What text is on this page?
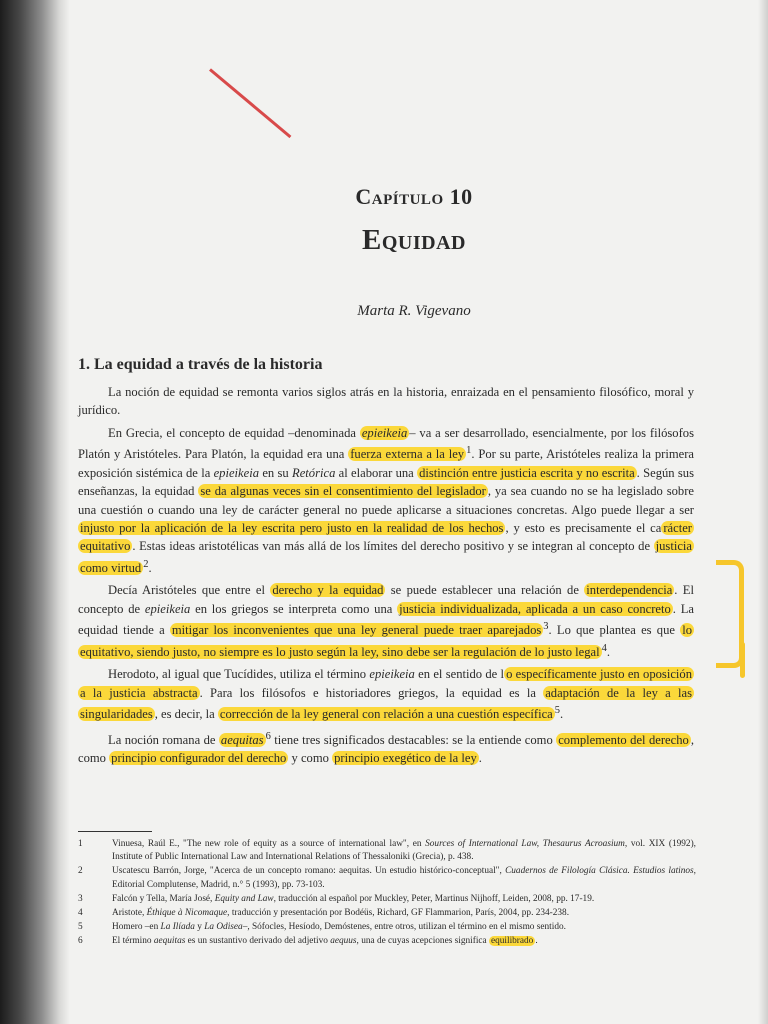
Capítulo 10
Equidad
Marta R. Vigevano
1. La equidad a través de la historia

La noción de equidad se remonta varios siglos atrás en la historia, enraizada en el pensamiento filosófico, moral y jurídico.

En Grecia, el concepto de equidad –denominada epieikeia – va a ser desarrollado, esencialmente, por los filósofos Platón y Aristóteles. Para Platón, la equidad era una fuerza externa a la ley $^1$. Por su parte, Aristóteles realiza la primera exposición sistémica de la epieikeia en su Retórica al elaborar una distinción entre justicia escrita y no escrita . Según sus enseñanzas, la equidad se da algunas veces sin el consentimiento del legislador , ya sea cuando no se ha legislado sobre una cuestión o cuando una ley de carácter general no puede aplicarse a situaciones concretas. Algo puede llegar a ser injusto por la aplicación de la ley escrita pero justo en la realidad de los hechos , y esto es precisamente el ca rácter equitativo . Estas ideas aristotélicas van más allá de los límites del derecho positivo y se integran al concepto de justicia como virtud $^2$.

Decía Aristóteles que entre el derecho y la equidad se puede establecer una relación de interdependencia . El concepto de epieikeia en los griegos se interpreta como una justicia individualizada, aplicada a un caso concreto . La equidad tiende a mitigar los inconvenientes que una ley general puede traer aparejados $^3$. Lo que plantea es que lo equitativo, siendo justo, no siempre es lo justo según la ley, sino debe ser la regulación de lo justo legal $^4$.

Herodoto, al igual que Tucídides, utiliza el término epieikeia en el sentido de l o específicamente justo en oposición a la justicia abstracta . Para los filósofos e historiadores griegos, la equidad es la adaptación de la ley a las singularidades , es decir, la corrección de la ley general con relación a una cuestión específica $^5$.

La noción romana de aequitas $^6$ tiene tres significados destacables: se la entiende como complemento del derecho , como principio configurador del derecho y como principio exegético de la ley .

1	Vinuesa, Raúl E., "The new role of equity as a source of international law", en Sources of International Law, Thesaurus Acroasium, vol. XIX (1992), Institute of Public International Law and International Relations of Thessaloniki (Grecia), p. 438.
2	Uscatescu Barrón, Jorge, "Acerca de un concepto romano: aequitas. Un estudio histórico-conceptual", Cuadernos de Filología Clásica. Estudios latinos, Editorial Complutense, Madrid, n.° 5 (1993), pp. 73-103.
3	Falcón y Tella, María José, Equity and Law, traducción al español por Muckley, Peter, Martinus Nijhoff, Leiden, 2008, pp. 17-19.
4	Aristote, Éthique à Nicomaque, traducción y presentación por Bodéüs, Richard, GF Flammarion, París, 2004, pp. 234-238.
5	Homero –en La Ilíada y La Odisea–, Sófocles, Hesíodo, Demóstenes, entre otros, utilizan el término en el mismo sentido.
6	El término aequitas es un sustantivo derivado del adjetivo aequus, una de cuyas acepciones significa equilibrado .
